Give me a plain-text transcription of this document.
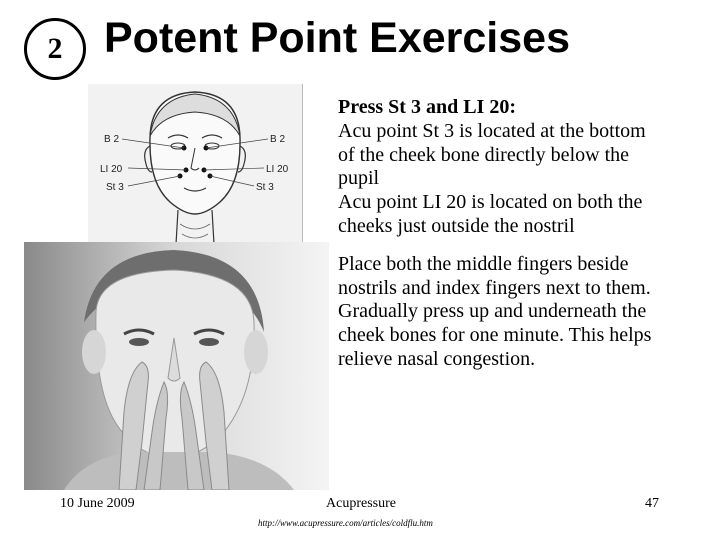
2 Potent Point Exercises
B 2
LI 20
St 3
B 2
LI 20
St 3

Press St 3 and LI 20:

Acu point St 3 is located at the bottom

of the cheek bone directly below the

pupil

Acu point LI 20 is located on both the

cheeks just outside the nostril

Place both the middle fingers beside

nostrils and index fingers next to them.

Gradually press up and underneath the

cheek bones for one minute. This helps

relieve nasal congestion.

10 June 2009	Acupressure	47
http://www.acupressure.com/articles/coldflu.htm
